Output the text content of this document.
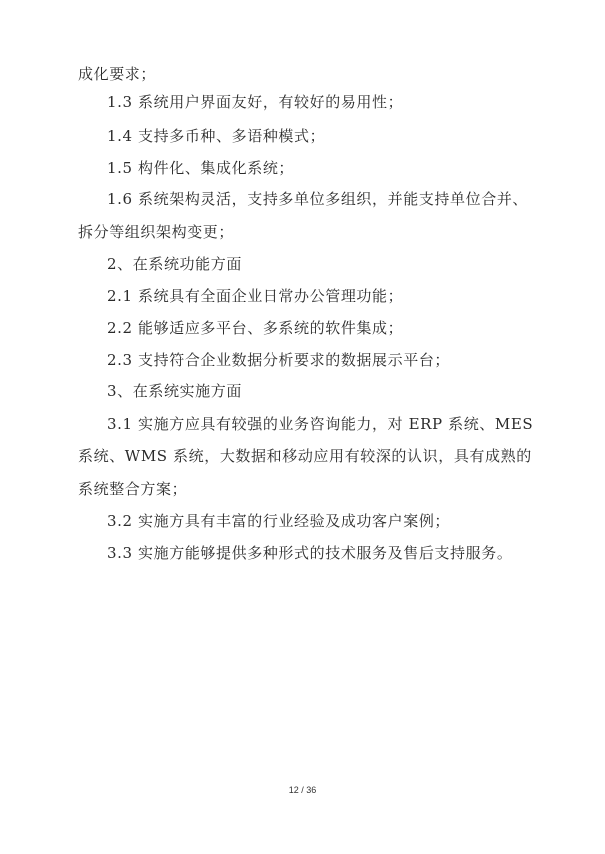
成化要求；
1.3 系统用户界面友好，有较好的易用性；
1.4 支持多币种、多语种模式；
1.5 构件化、集成化系统；
1.6 系统架构灵活，支持多单位多组织，并能支持单位合并、
拆分等组织架构变更；
2、在系统功能方面
2.1 系统具有全面企业日常办公管理功能；
2.2 能够适应多平台、多系统的软件集成；
2.3 支持符合企业数据分析要求的数据展示平台；
3、在系统实施方面
3.1 实施方应具有较强的业务咨询能力，对 ERP 系统、MES
系统、WMS 系统，大数据和移动应用有较深的认识，具有成熟的
系统整合方案；
3.2 实施方具有丰富的行业经验及成功客户案例；
3.3 实施方能够提供多种形式的技术服务及售后支持服务。
12 / 36
